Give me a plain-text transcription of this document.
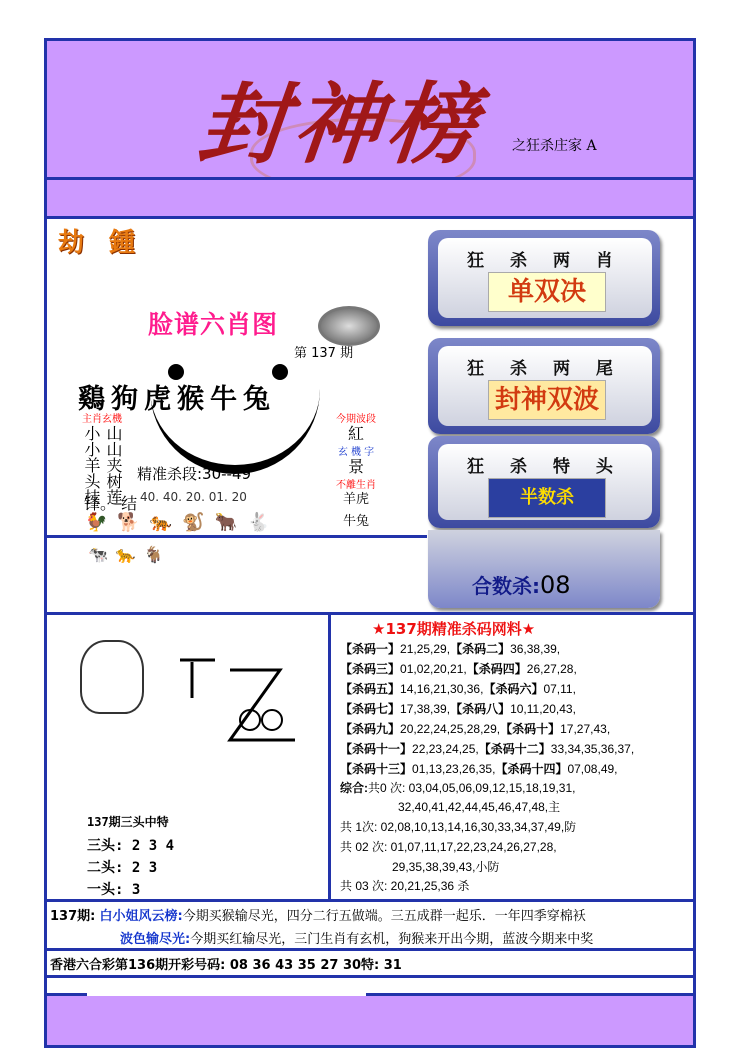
封神榜 之狂杀庄家 A
劫 鍾
脸谱六肖图
第 137 期
鷄狗虎猴牛兔
主肖玄機
小小羊头挂 山山夹树莲
锋。 结
今期波段
紅
玄 機 字
景
不離生肖
羊虎
牛兔
精准杀段:30--49
40. 40. 20. 01. 20
🐓🐕🐅🐒🐂🐇
狂 杀 两 肖
单双决
狂 杀 两 尾
封神双波
狂 杀 特 头
半数杀
合数杀:08
🐄🐆🐐
137期三头中特
三头: 2 3 4
二头: 2 3
一头: 3
★137期精准杀码网料★
【杀码一】21,25,29,【杀码二】36,38,39,
【杀码三】01,02,20,21,【杀码四】26,27,28,
【杀码五】14,16,21,30,36,【杀码六】07,11,
【杀码七】17,38,39,【杀码八】10,11,20,43,
【杀码九】20,22,24,25,28,29,【杀码十】17,27,43,
【杀码十一】22,23,24,25,【杀码十二】33,34,35,36,37,
【杀码十三】01,13,23,26,35,【杀码十四】07,08,49,
综合:共0 次: 03,04,05,06,09,12,15,18,19,31,
32,40,41,42,44,45,46,47,48,主
共 1次: 02,08,10,13,14,16,30,33,34,37,49,防
共 02 次: 01,07,11,17,22,23,24,26,27,28,
29,35,38,39,43,小防
共 03 次: 20,21,25,36 杀
137期: 白小姐风云榜:今期买猴输尽光，四分二行五做端。三五成群一起乐．一年四季穿棉袄
波色输尽光:今期买红输尽光，三门生肖有玄机，狗猴来开出今期，蓝波今期来中奖
香港六合彩第136期开彩号码: 08 36 43 35 27 30特: 31
